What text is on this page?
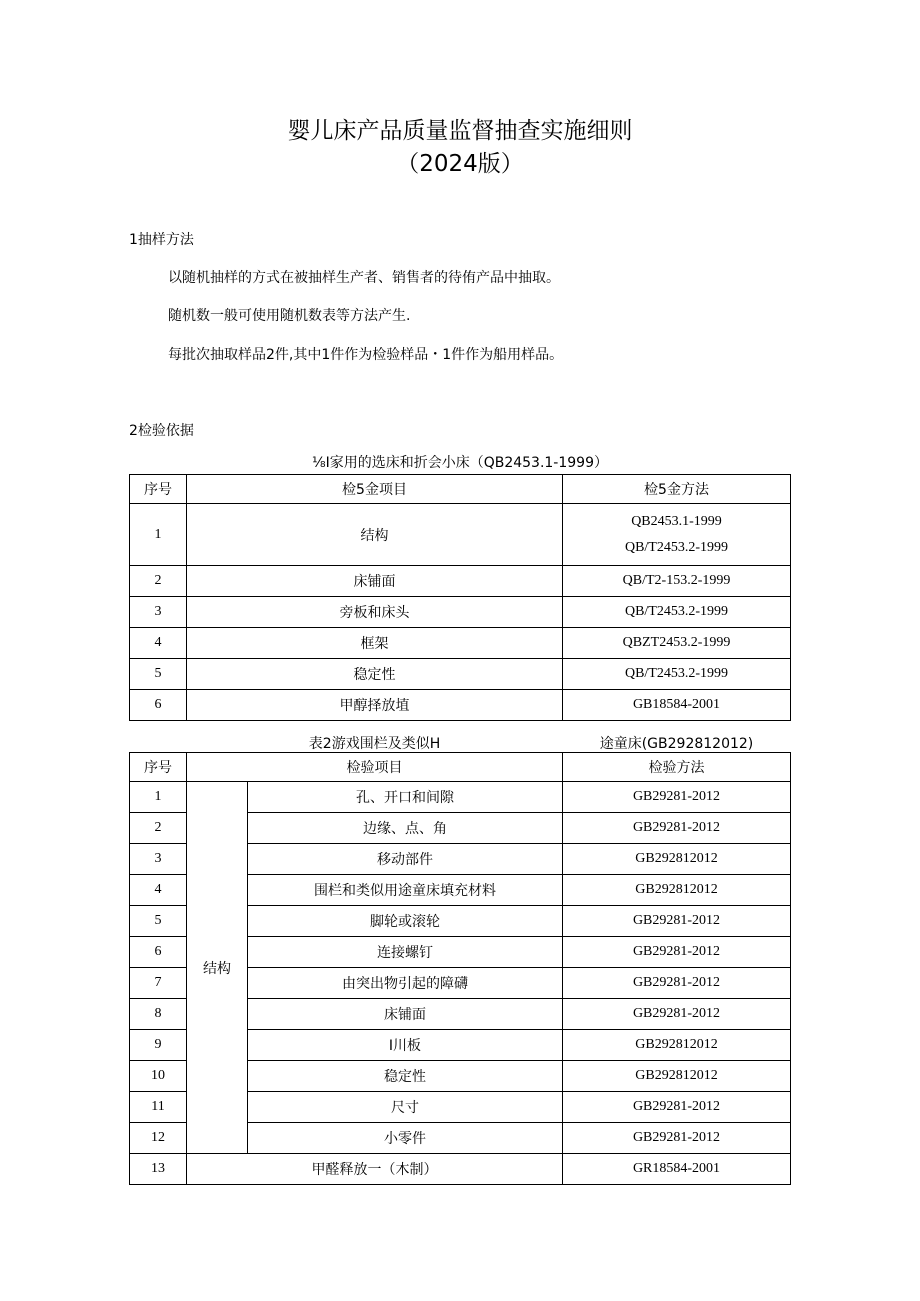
婴儿床产品质量监督抽查实施细则
（2024版）
1抽样方法
以随机抽样的方式在被抽样生产者、销售者的待侑产品中抽取。
随机数一般可使用随机数表等方法产生.
每批次抽取样品2件,其中1件作为检验样品・1件作为船用样品。
2检验依据
⅛I家用的选床和折会小床（QB2453.1-1999）
序号	检5金项目	检5金方法
1	结构	QB2453.1-1999
QB/T2453.2-1999

2	床铺面	QB/T2-153.2-1999
3	旁板和床头	QB/T2453.2-1999
4	框架	QBZT2453.2-1999
5	稳定性	QB/T2453.2-1999
6	甲醇择放埴	GB18584-2001
表2游戏围栏及类似H	途童床(GB292812012)
序号	检验项目		检验方法
1	结构	孔、开口和间隙	GB29281-2012
2		边缘、点、角	GB29281-2012
3		移动部件	GB292812012
4		围栏和类似用途童床填充材料	GB292812012
5		脚轮或滚轮	GB29281-2012
6		连接螺钉	GB29281-2012
7		由突出物引起的障礴	GB29281-2012
8		床铺面	GB29281-2012
9		I川板	GB292812012
10		稳定性	GB292812012
11		尺寸	GB29281-2012
12		小零件	GB29281-2012
13	甲醛释放一（木制）		GR18584-2001
